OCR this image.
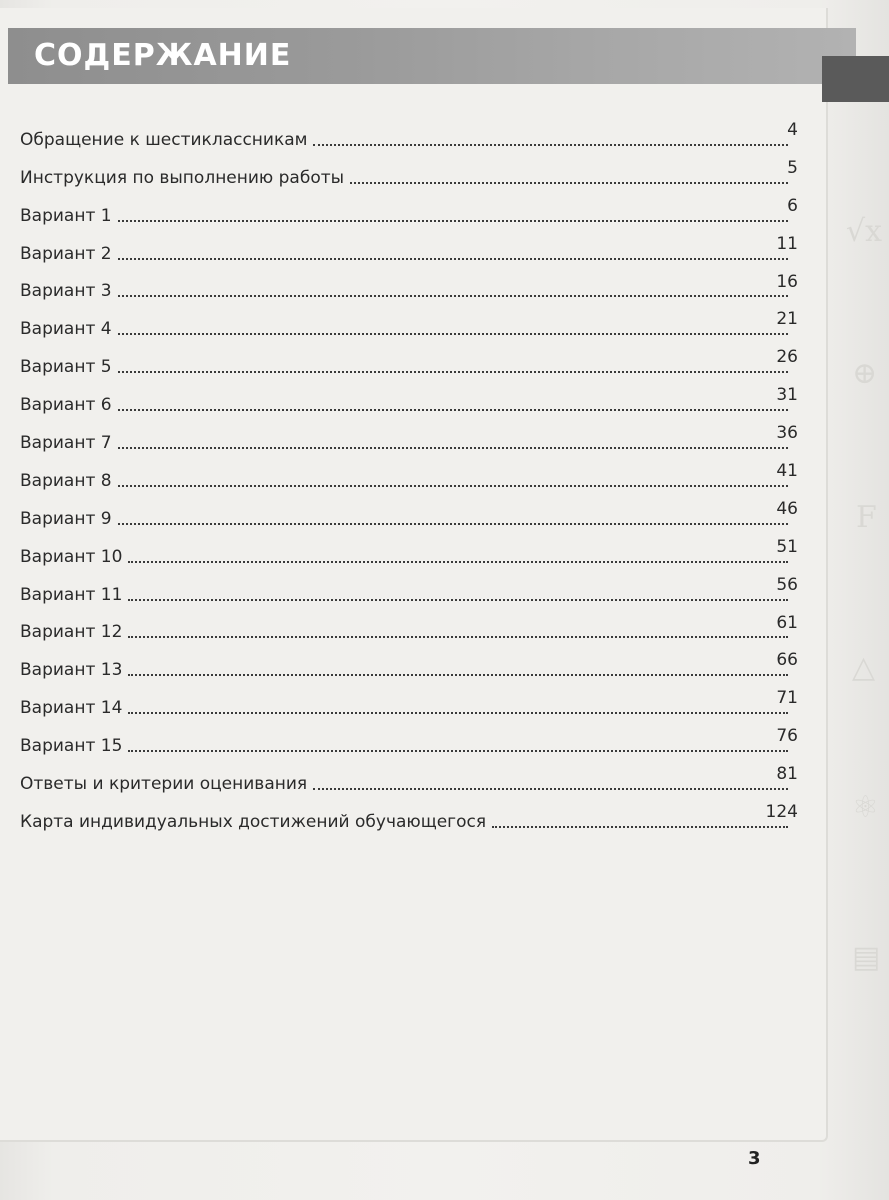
√x
⊕
F
△
⚛
▤
СОДЕРЖАНИЕ
Обращение к шестиклассникам	4
Инструкция по выполнению работы	5
Вариант 1	6
Вариант 2	11
Вариант 3	16
Вариант 4	21
Вариант 5	26
Вариант 6	31
Вариант 7	36
Вариант 8	41
Вариант 9	46
Вариант 10	51
Вариант 11	56
Вариант 12	61
Вариант 13	66
Вариант 14	71
Вариант 15	76
Ответы и критерии оценивания	81
Карта индивидуальных достижений обучающегося	124
3
